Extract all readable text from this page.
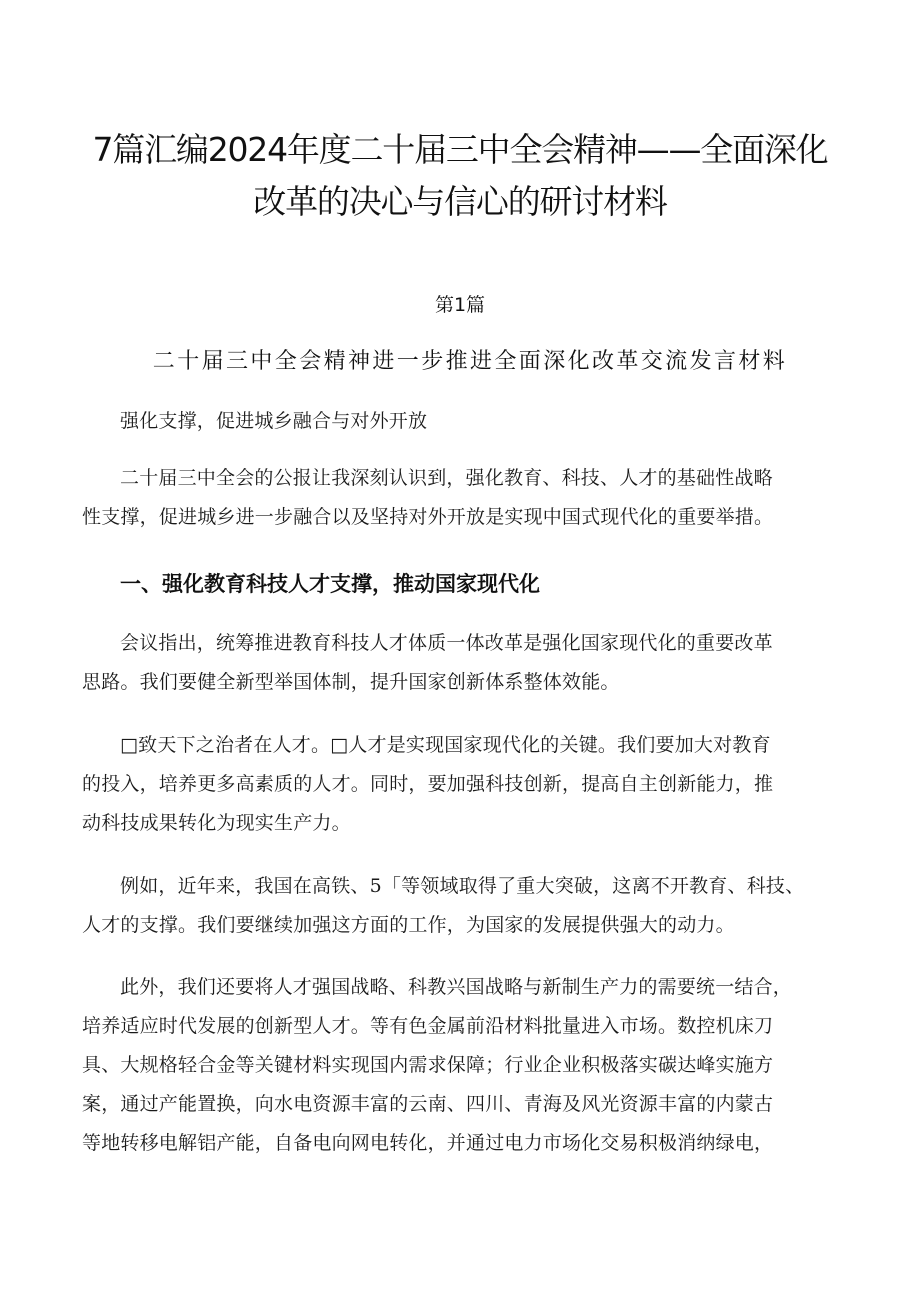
7篇汇编2024年度二十届三中全会精神——全面深化
改革的决心与信心的研讨材料

第1篇

二十届三中全会精神进一步推进全面深化改革交流发言材料

强化支撑，促进城乡融合与对外开放

二十届三中全会的公报让我深刻认识到，强化教育、科技、人才的基础性战略
性支撑，促进城乡进一步融合以及坚持对外开放是实现中国式现代化的重要举措。

一、强化教育科技人才支撑，推动国家现代化

会议指出，统筹推进教育科技人才体质一体改革是强化国家现代化的重要改革
思路。我们要健全新型举国体制，提升国家创新体系整体效能。

□致天下之治者在人才。□人才是实现国家现代化的关键。我们要加大对教育
的投入，培养更多高素质的人才。同时，要加强科技创新，提高自主创新能力，推
动科技成果转化为现实生产力。

例如，近年来，我国在高铁、5「等领域取得了重大突破，这离不开教育、科技、
人才的支撑。我们要继续加强这方面的工作，为国家的发展提供强大的动力。

此外，我们还要将人才强国战略、科教兴国战略与新制生产力的需要统一结合，
培养适应时代发展的创新型人才。等有色金属前沿材料批量进入市场。数控机床刀
具、大规格轻合金等关键材料实现国内需求保障；行业企业积极落实碳达峰实施方
案，通过产能置换，向水电资源丰富的云南、四川、青海及风光资源丰富的内蒙古
等地转移电解铝产能，自备电向网电转化，并通过电力市场化交易积极消纳绿电，
